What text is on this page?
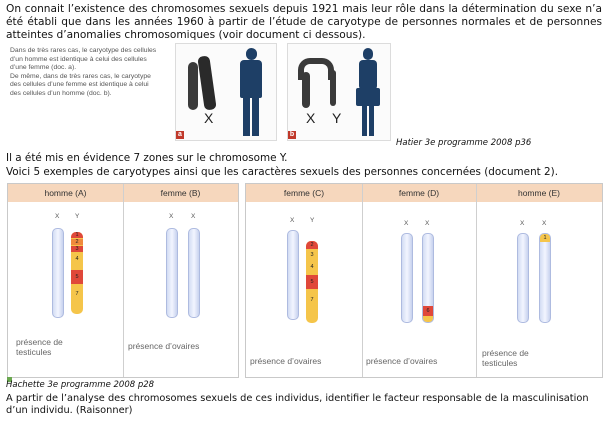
On connait l’existence des chromosomes sexuels depuis 1921 mais leur rôle dans la détermination du sexe n’a été établi que dans les années 1960 à partir de l’étude de caryotype de personnes normales et de personnes atteintes d’anomalies chromosomiques (voir document ci dessous).
Dans de très rares cas, le caryotype des cellules d’un homme est identique à celui des cellules d’une femme (doc. a).
De même, dans de très rares cas, le caryotype des cellules d’une femme est identique à celui des cellules d’un homme (doc. b).
X
a
X Y
b
Hatier 3e programme 2008 p36
Il a été mis en évidence 7 zones sur le chromosome Y.
Voici 5 exemples de caryotypes ainsi que les caractères sexuels des personnes concernées (document 2).
homme (A)
X Y
1
2
3
4
5
7
présence de testicules
femme (B)
X	X
présence d’ovaires
femme (C)
X Y
2
3
4
5
7
présence d’ovaires
femme (D)
X	X
6
présence d’ovaires
homme (E)
X	X
1
présence de testicules
Hachette 3e programme 2008 p28
A partir de l’analyse des chromosomes sexuels de ces individus, identifier le facteur responsable de la masculinisation d’un individu. (Raisonner)
